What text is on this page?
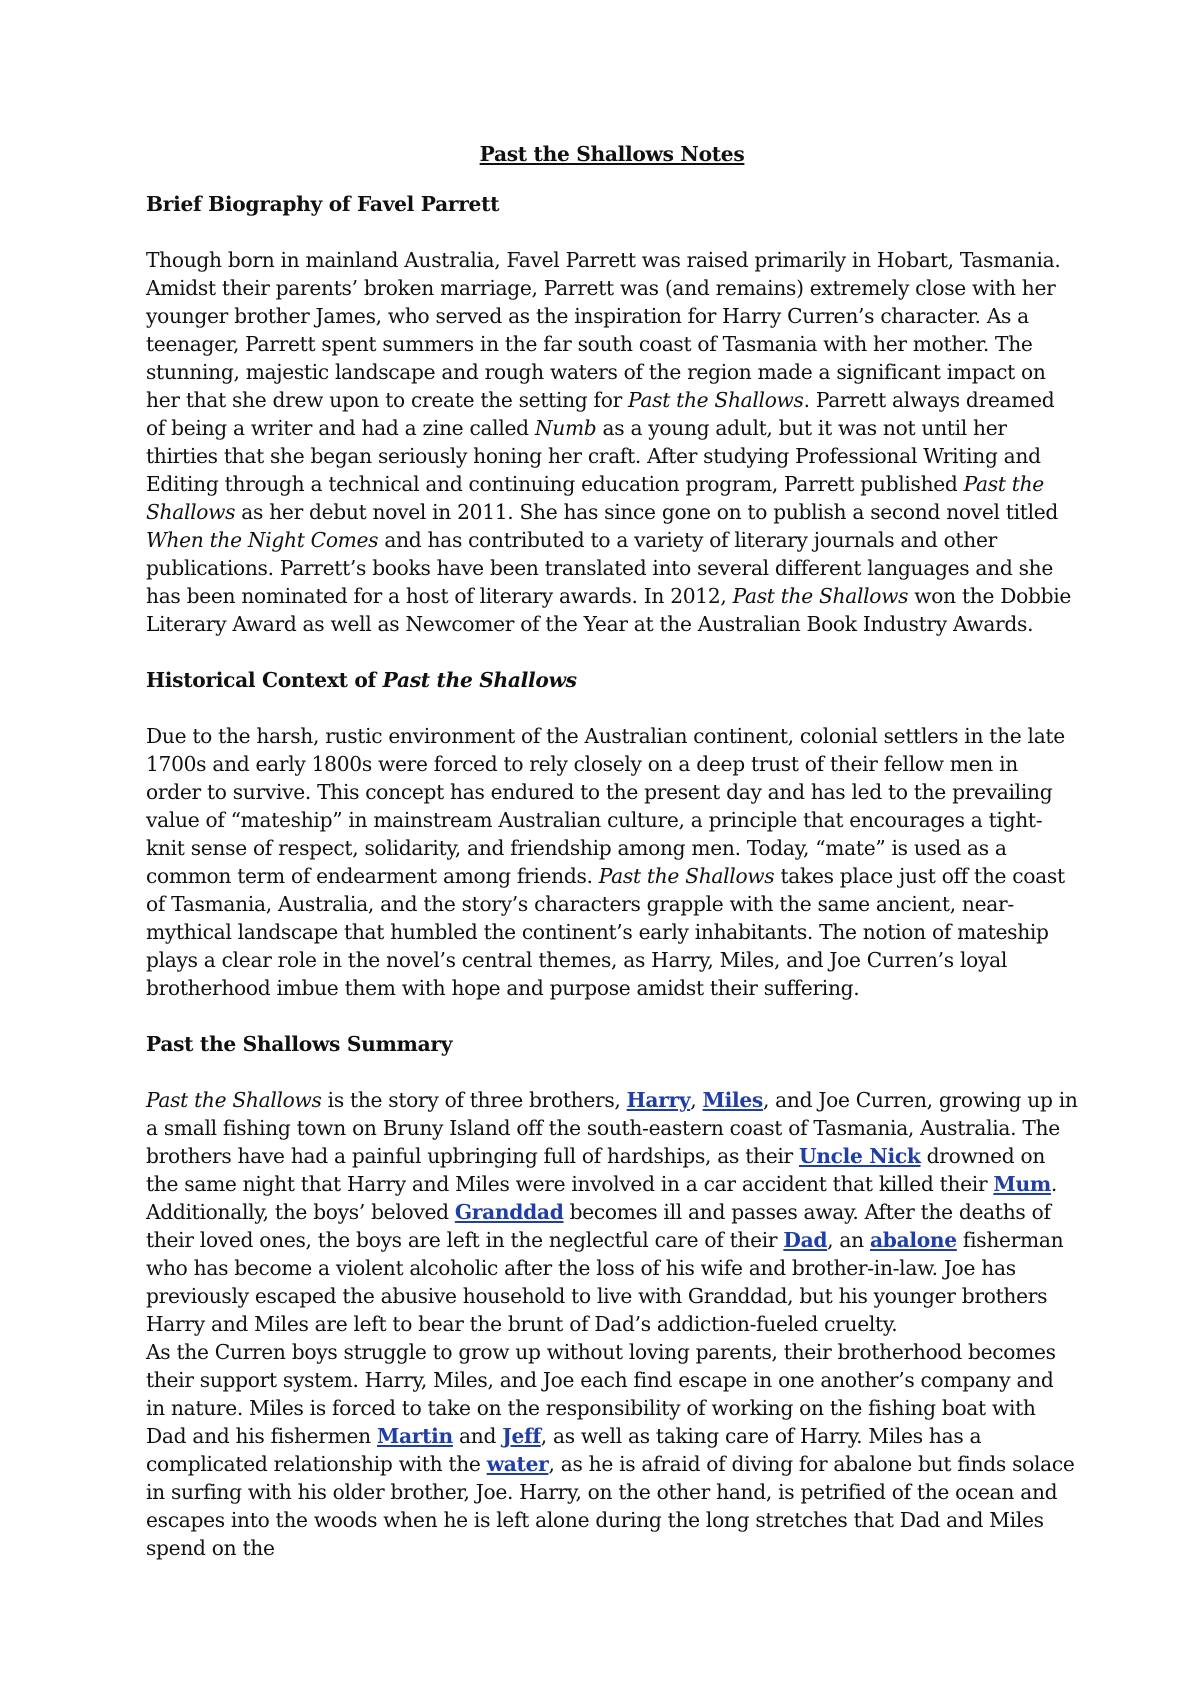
Past the Shallows Notes

Brief Biography of Favel Parrett

Though born in mainland Australia, Favel Parrett was raised primarily in Hobart, Tasmania. Amidst their parents’ broken marriage, Parrett was (and remains) extremely close with her younger brother James, who served as the inspiration for Harry Curren’s character. As a teenager, Parrett spent summers in the far south coast of Tasmania with her mother. The stunning, majestic landscape and rough waters of the region made a significant impact on her that she drew upon to create the setting for Past the Shallows. Parrett always dreamed of being a writer and had a zine called Numb as a young adult, but it was not until her thirties that she began seriously honing her craft. After studying Professional Writing and Editing through a technical and continuing education program, Parrett published Past the Shallows as her debut novel in 2011. She has since gone on to publish a second novel titled When the Night Comes and has contributed to a variety of literary journals and other publications. Parrett’s books have been translated into several different languages and she has been nominated for a host of literary awards. In 2012, Past the Shallows won the Dobbie Literary Award as well as Newcomer of the Year at the Australian Book Industry Awards.

Historical Context of Past the Shallows

Due to the harsh, rustic environment of the Australian continent, colonial settlers in the late 1700s and early 1800s were forced to rely closely on a deep trust of their fellow men in order to survive. This concept has endured to the present day and has led to the prevailing value of “mateship” in mainstream Australian culture, a principle that encourages a tight-knit sense of respect, solidarity, and friendship among men. Today, “mate” is used as a common term of endearment among friends. Past the Shallows takes place just off the coast of Tasmania, Australia, and the story’s characters grapple with the same ancient, near-mythical landscape that humbled the continent’s early inhabitants. The notion of mateship plays a clear role in the novel’s central themes, as Harry, Miles, and Joe Curren’s loyal brotherhood imbue them with hope and purpose amidst their suffering.

Past the Shallows Summary

Past the Shallows is the story of three brothers, Harry, Miles, and Joe Curren, growing up in a small fishing town on Bruny Island off the south-eastern coast of Tasmania, Australia. The brothers have had a painful upbringing full of hardships, as their Uncle Nick drowned on the same night that Harry and Miles were involved in a car accident that killed their Mum. Additionally, the boys’ beloved Granddad becomes ill and passes away. After the deaths of their loved ones, the boys are left in the neglectful care of their Dad, an abalone fisherman who has become a violent alcoholic after the loss of his wife and brother-in-law. Joe has previously escaped the abusive household to live with Granddad, but his younger brothers Harry and Miles are left to bear the brunt of Dad’s addiction-fueled cruelty.

As the Curren boys struggle to grow up without loving parents, their brotherhood becomes their support system. Harry, Miles, and Joe each find escape in one another’s company and in nature. Miles is forced to take on the responsibility of working on the fishing boat with Dad and his fishermen Martin and Jeff, as well as taking care of Harry. Miles has a complicated relationship with the water, as he is afraid of diving for abalone but finds solace in surfing with his older brother, Joe. Harry, on the other hand, is petrified of the ocean and escapes into the woods when he is left alone during the long stretches that Dad and Miles spend on the
